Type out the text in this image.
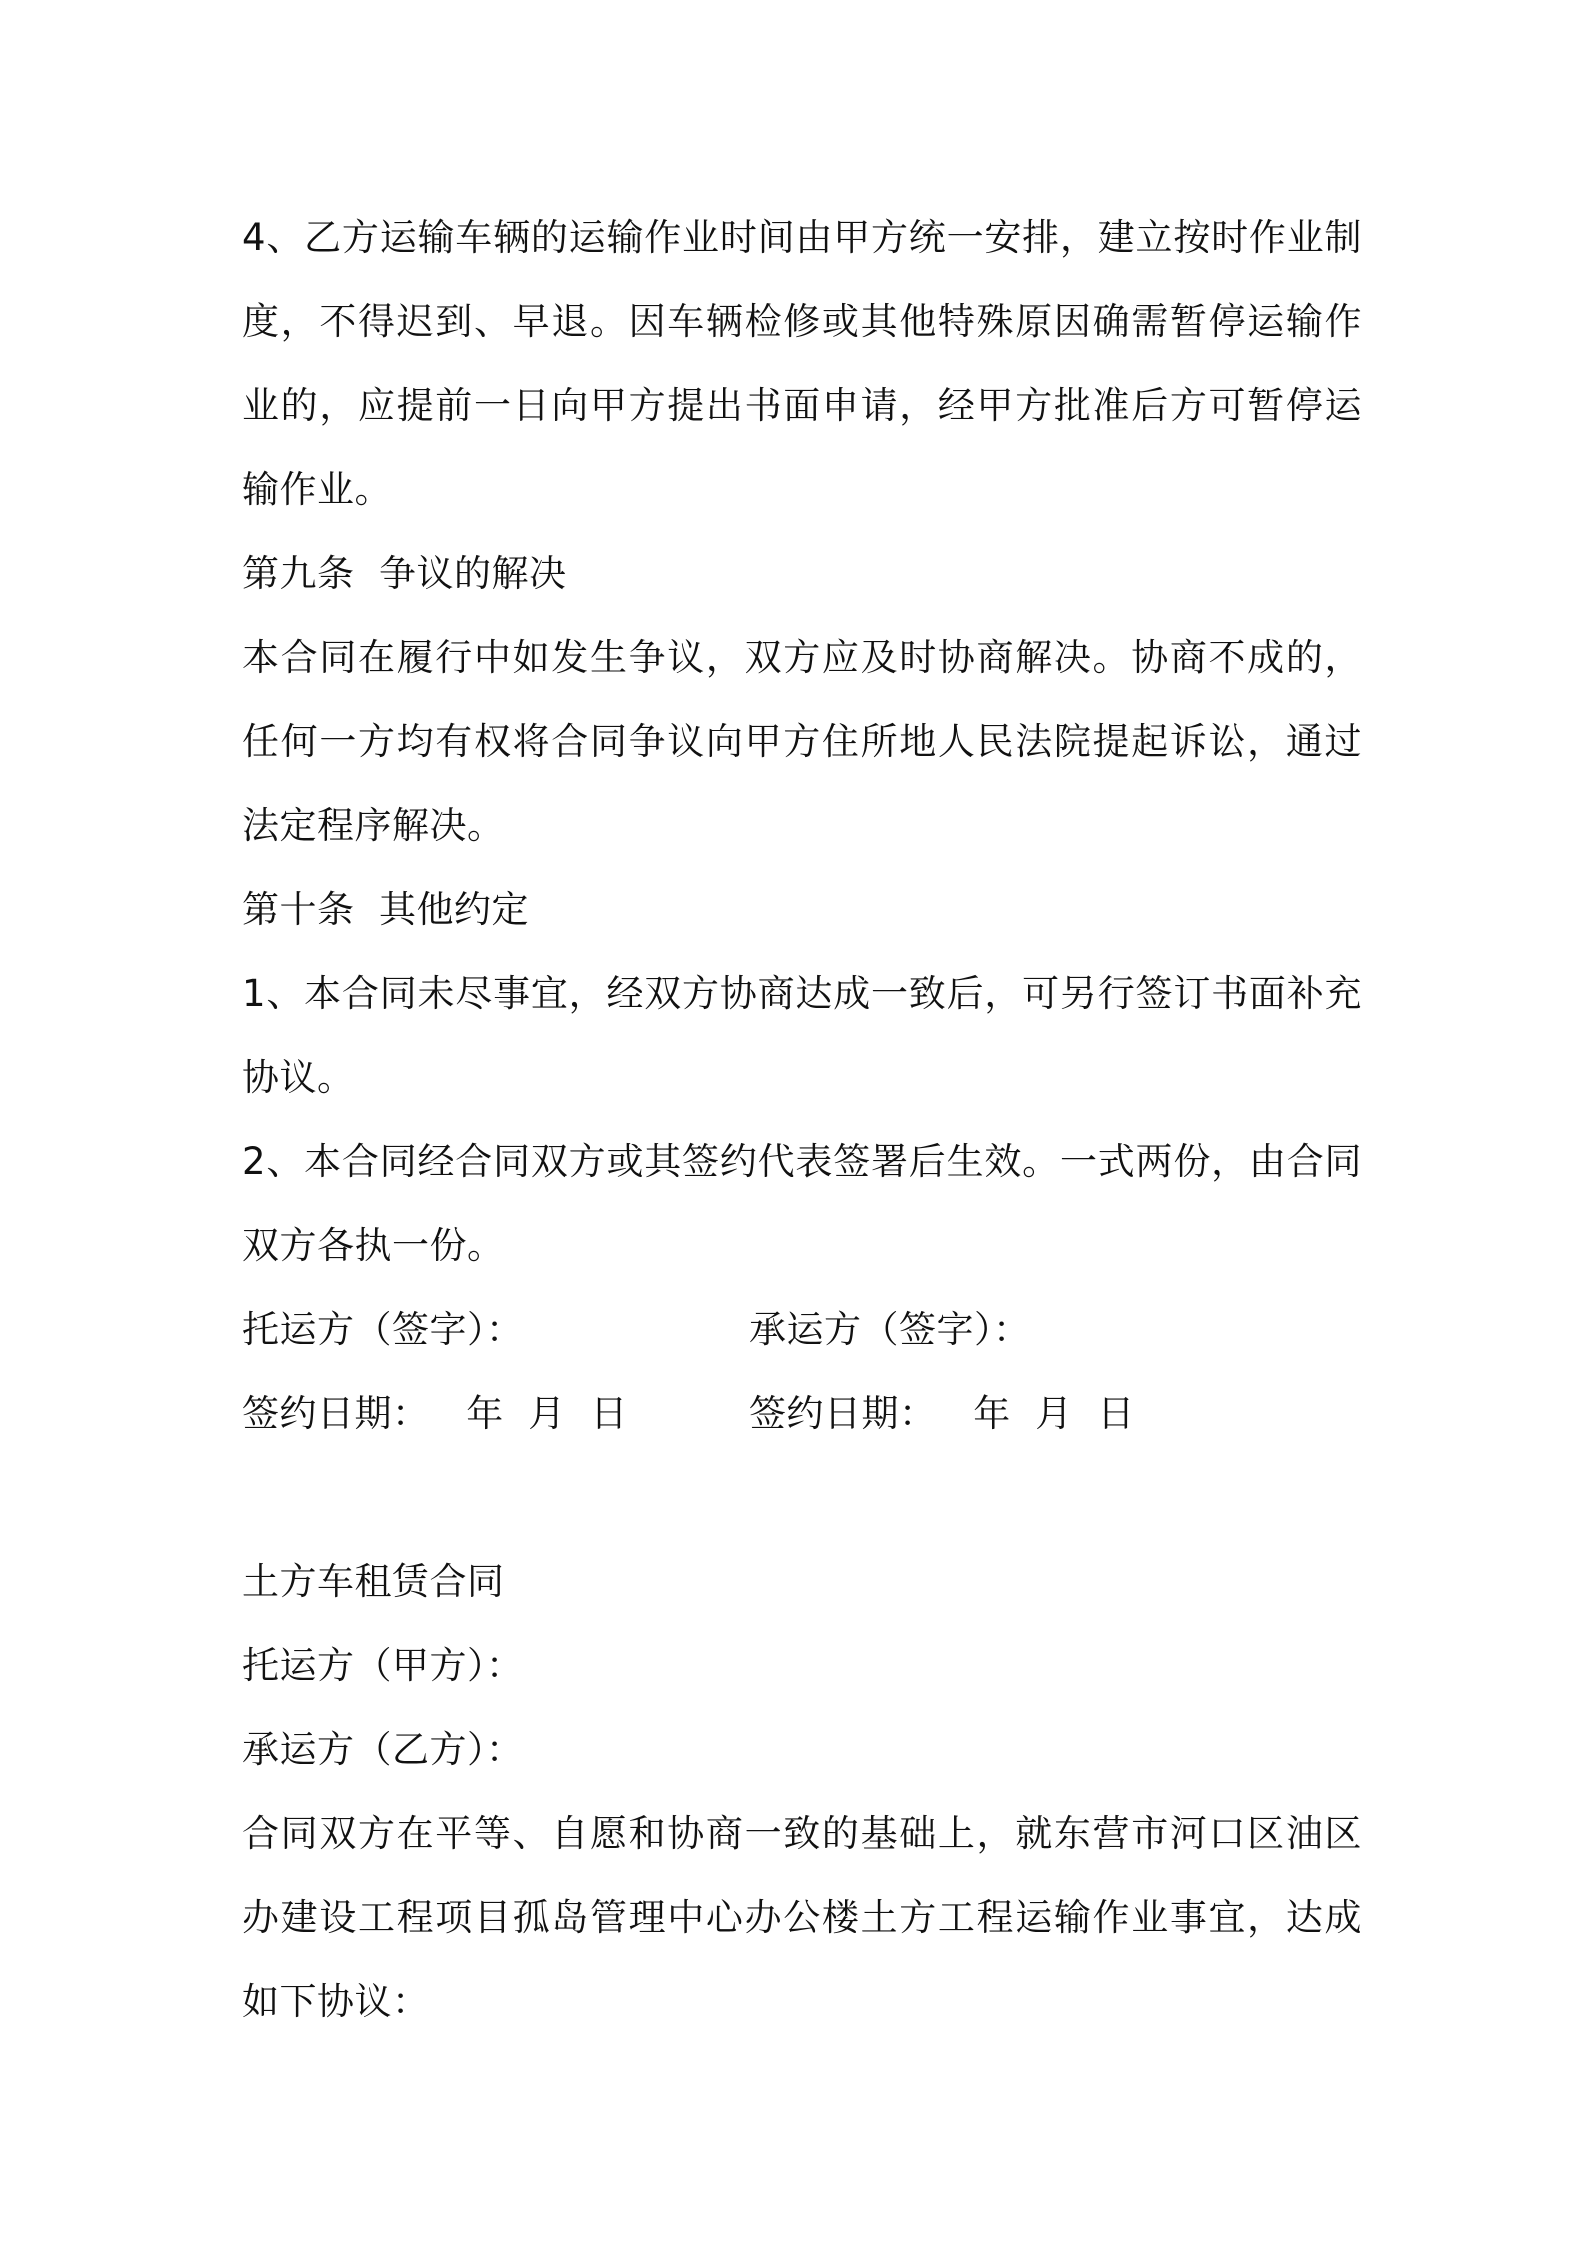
4、乙方运输车辆的运输作业时间由甲方统一安排，建立按时作业制度，不得迟到、早退。因车辆检修或其他特殊原因确需暂停运输作业的，应提前一日向甲方提出书面申请，经甲方批准后方可暂停运输作业。

第九条  争议的解决

本合同在履行中如发生争议，双方应及时协商解决。协商不成的，任何一方均有权将合同争议向甲方住所地人民法院提起诉讼，通过法定程序解决。

第十条  其他约定

1、本合同未尽事宜，经双方协商达成一致后，可另行签订书面补充协议。

2、本合同经合同双方或其签约代表签署后生效。一式两份，由合同双方各执一份。

托运方（签字）：	承运方（签字）：
签约日期：   年  月  日	签约日期：   年  月  日

土方车租赁合同

托运方（甲方）：

承运方（乙方）：

合同双方在平等、自愿和协商一致的基础上，就东营市河口区油区办建设工程项目孤岛管理中心办公楼土方工程运输作业事宜，达成如下协议：
